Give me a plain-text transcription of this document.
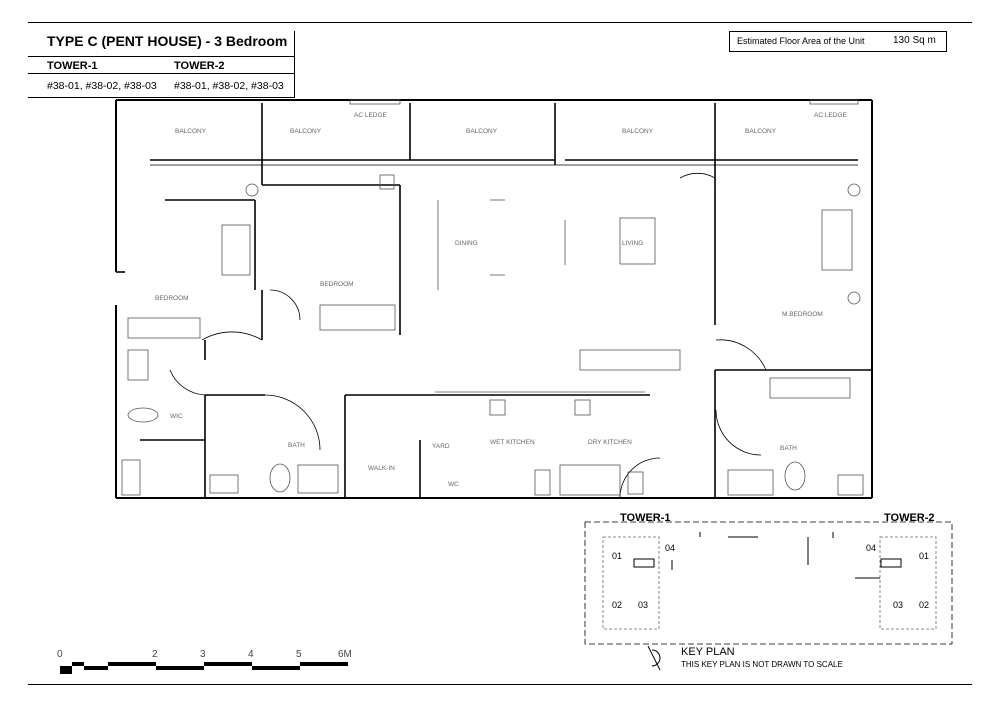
TYPE C (PENT HOUSE) - 3 Bedroom
TOWER-1	TOWER-2
#38-01, #38-02, #38-03 #38-01, #38-02, #38-03
Estimated Floor Area of the Unit	130 Sq m
BALCONY	BALCONY	BALCONY	BALCONY	BALCONY
AC LEDGE	AC LEDGE
BEDROOM
BEDROOM
M.BEDROOM
DINING	LIVING
BATH	BATH
WET KITCHEN	DRY KITCHEN
YARD
WC
WALK-IN
WIC
TOWER-1	TOWER-2
01
04
02 03
04
01
03 02
0	2	3	4	5	6M	KEY PLAN
THIS KEY PLAN IS NOT DRAWN TO SCALE
